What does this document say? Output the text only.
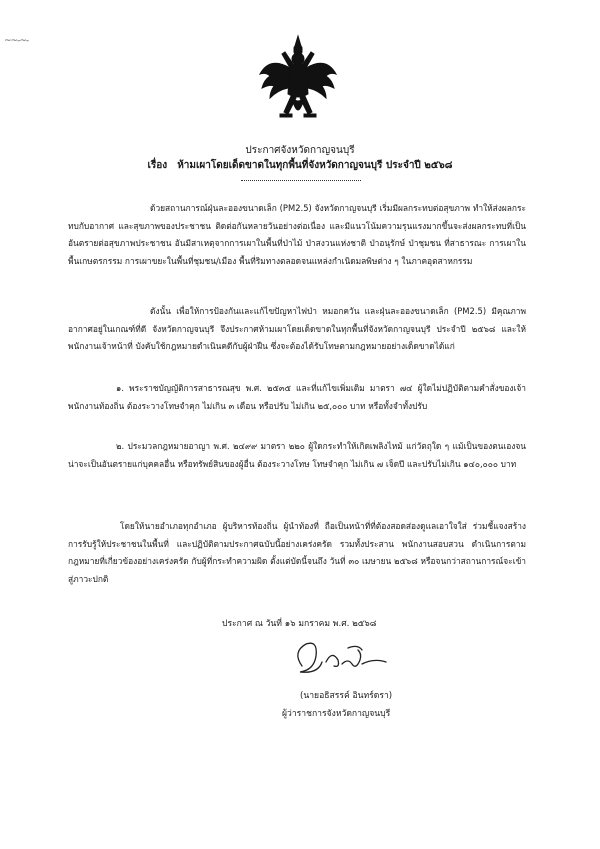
~~-~-
ประกาศจังหวัดกาญจนบุรี
เรื่อง ห้ามเผาโดยเด็ดขาดในทุกพื้นที่จังหวัดกาญจนบุรี ประจำปี ๒๕๖๘
ด้วยสถานการณ์ฝุ่นละอองขนาดเล็ก (PM2.5) จังหวัดกาญจนบุรี เริ่มมีผลกระทบต่อสุขภาพ ทำให้ส่งผลกระทบกับอากาศ และสุขภาพของประชาชน ติดต่อกันหลายวันอย่างต่อเนื่อง และมีแนวโน้มความรุนแรงมากขึ้นจะส่งผลกระทบที่เป็นอันตรายต่อสุขภาพประชาชน อันมีสาเหตุจากการเผาในพื้นที่ป่าไม้ ป่าสงวนแห่งชาติ ป่าอนุรักษ์ ป่าชุมชน ที่สาธารณะ การเผาในพื้นเกษตรกรรม การเผาขยะในพื้นที่ชุมชน/เมือง พื้นที่ริมทางตลอดจนแหล่งกำเนิดมลพิษต่าง ๆ ในภาคอุตสาหกรรม
ดังนั้น เพื่อให้การป้องกันและแก้ไขปัญหาไฟป่า หมอกควัน และฝุ่นละอองขนาดเล็ก (PM2.5) มีคุณภาพอากาศอยู่ในเกณฑ์ที่ดี จังหวัดกาญจนบุรี จึงประกาศห้ามเผาโดยเด็ดขาดในทุกพื้นที่จังหวัดกาญจนบุรี ประจำปี ๒๕๖๘ และให้พนักงานเจ้าหน้าที่ บังคับใช้กฎหมายดำเนินคดีกับผู้ฝ่าฝืน ซึ่งจะต้องได้รับโทษตามกฎหมายอย่างเด็ดขาดได้แก่
๑. พระราชบัญญัติการสาธารณสุข พ.ศ. ๒๕๓๕ และที่แก้ไขเพิ่มเติม มาตรา ๗๔ ผู้ใดไม่ปฏิบัติตามคำสั่งของเจ้าพนักงานท้องถิ่น ต้องระวางโทษจำคุก ไม่เกิน ๓ เดือน หรือปรับ ไม่เกิน ๒๕,๐๐๐ บาท หรือทั้งจำทั้งปรับ
๒. ประมวลกฎหมายอาญา พ.ศ. ๒๔๙๙ มาตรา ๒๒๐ ผู้ใดกระทำให้เกิดเพลิงไหม้ แก่วัตถุใด ๆ แม้เป็นของตนเองจนน่าจะเป็นอันตรายแก่บุคคลอื่น หรือทรัพย์สินของผู้อื่น ต้องระวางโทษ โทษจำคุก ไม่เกิน ๗ เจ็ดปี และปรับไม่เกิน ๑๔๐,๐๐๐ บาท
โดยให้นายอำเภอทุกอำเภอ ผู้บริหารท้องถิ่น ผู้นำท้องที่ ถือเป็นหน้าที่ที่ต้องสอดส่องดูแลเอาใจใส่ ร่วมชี้แจงสร้างการรับรู้ให้ประชาชนในพื้นที่ และปฏิบัติตามประกาศฉบับนี้อย่างเคร่งครัด รวมทั้งประสาน พนักงานสอบสวน ดำเนินการตามกฎหมายที่เกี่ยวข้องอย่างเคร่งครัด กับผู้ที่กระทำความผิด ตั้งแต่บัดนี้จนถึง วันที่ ๓๐ เมษายน ๒๕๖๘ หรือจนกว่าสถานการณ์จะเข้าสู่ภาวะปกติ
ประกาศ ณ วันที่ ๑๖ มกราคม พ.ศ. ๒๕๖๘
(นายอธิสรรค์ อินทร์ดรา)
ผู้ว่าราชการจังหวัดกาญจนบุรี
